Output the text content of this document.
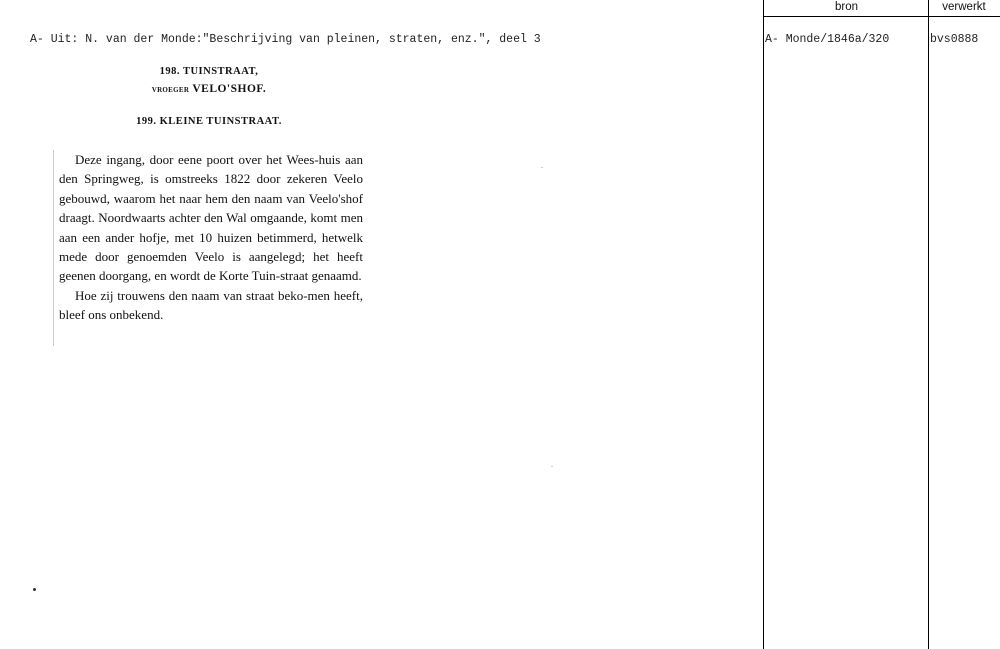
A- Uit: N. van der Monde:"Beschrijving van pleinen, straten, enz.", deel 3
bron	verwerkt
A- Monde/1846a/320	bvs0888
198. TUINSTRAAT,
VROEGER VELO'SHOF.
199. KLEINE TUINSTRAAT.

Deze ingang, door eene poort over het Wees-huis aan den Springweg, is omstreeks 1822 door zekeren Veelo gebouwd, waarom het naar hem den naam van Veelo'shof draagt. Noordwaarts achter den Wal omgaande, komt men aan een ander hofje, met 10 huizen betimmerd, hetwelk mede door genoemden Veelo is aangelegd; het heeft geenen doorgang, en wordt de Korte Tuin-straat genaamd.

Hoe zij trouwens den naam van straat beko-men heeft, bleef ons onbekend.
